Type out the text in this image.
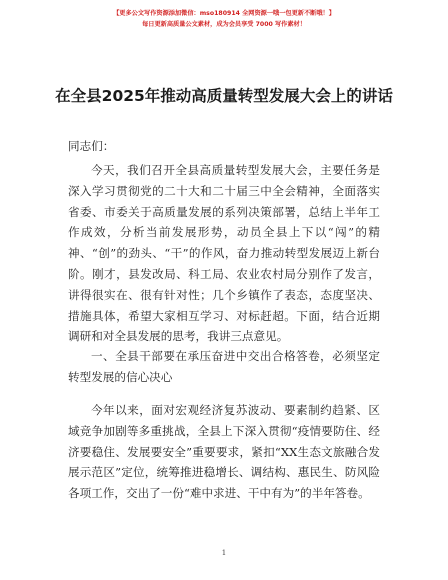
【更多公文写作资源添加微信：mso180914 全网资源一哦一包更新不断哦！】
每日更新高质量公文素材，成为会员享受 7000 写作素材！
在全县2025年推动高质量转型发展大会上的讲话
同志们：
今天，我们召开全县高质量转型发展大会，主要任务是深入学习贯彻党的二十大和二十届三中全会精神，全面落实省委、市委关于高质量发展的系列决策部署，总结上半年工作成效，分析当前发展形势，动员全县上下以“闯”的精神、“创”的劲头、“干”的作风，奋力推动转型发展迈上新台阶。刚才，县发改局、科工局、农业农村局分别作了发言，讲得很实在、很有针对性；几个乡镇作了表态，态度坚决、措施具体，希望大家相互学习、对标赶超。下面，结合近期调研和对全县发展的思考，我讲三点意见。
一、全县干部要在承压奋进中交出合格答卷，必须坚定转型发展的信心决心
今年以来，面对宏观经济复苏波动、要素制约趋紧、区域竞争加剧等多重挑战，全县上下深入贯彻“疫情要防住、经济要稳住、发展要安全”重要要求，紧扣“XX生态文旅融合发展示范区”定位，统筹推进稳增长、调结构、惠民生、防风险各项工作，交出了一份“难中求进、干中有为”的半年答卷。
1
